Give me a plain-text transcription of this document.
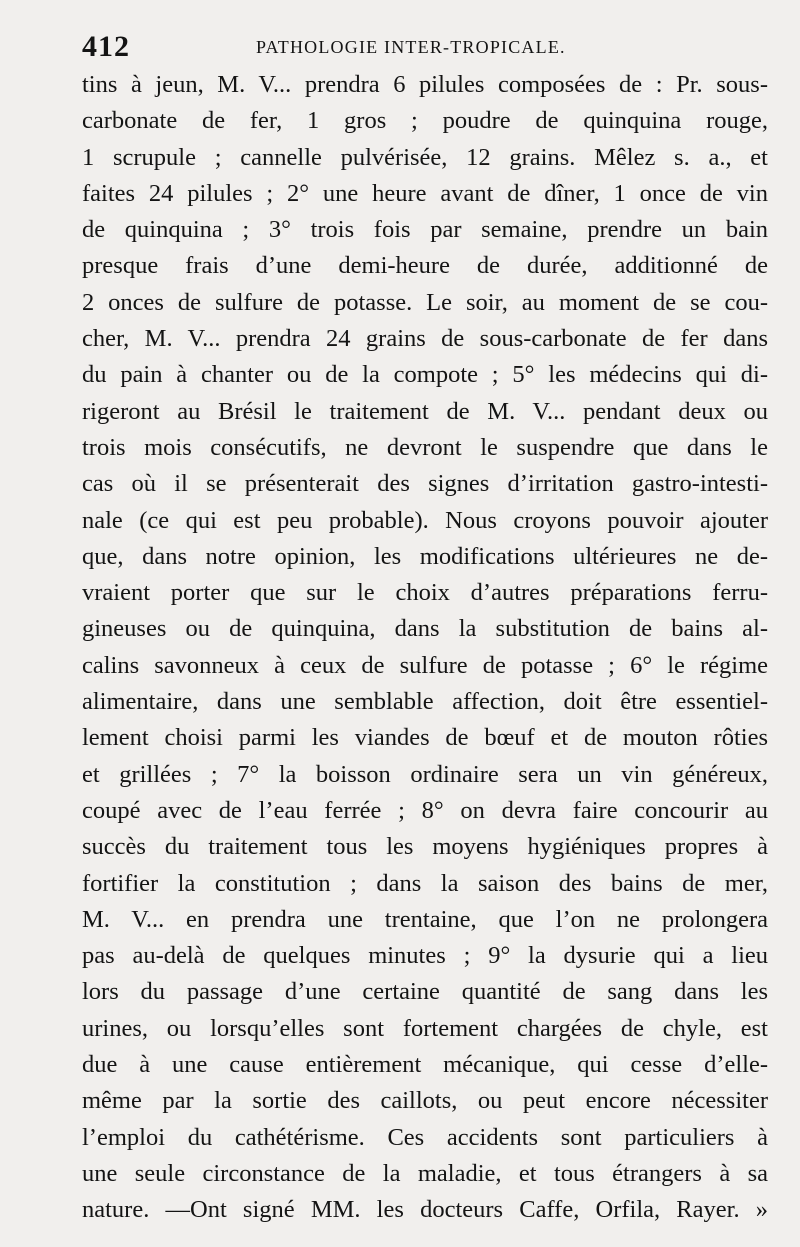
412	PATHOLOGIE INTER-TROPICALE.
tins à jeun, M. V... prendra 6 pilules composées de : Pr. sous-
carbonate de fer, 1 gros ; poudre de quinquina rouge,
1 scrupule ; cannelle pulvérisée, 12 grains. Mêlez s. a., et
faites 24 pilules ; 2° une heure avant de dîner, 1 once de vin
de quinquina ; 3° trois fois par semaine, prendre un bain
presque frais d’une demi-heure de durée, additionné de
2 onces de sulfure de potasse. Le soir, au moment de se cou-
cher, M. V... prendra 24 grains de sous-carbonate de fer dans
du pain à chanter ou de la compote ; 5° les médecins qui di-
rigeront au Brésil le traitement de M. V... pendant deux ou
trois mois consécutifs, ne devront le suspendre que dans le
cas où il se présenterait des signes d’irritation gastro-intesti-
nale (ce qui est peu probable). Nous croyons pouvoir ajouter
que, dans notre opinion, les modifications ultérieures ne de-
vraient porter que sur le choix d’autres préparations ferru-
gineuses ou de quinquina, dans la substitution de bains al-
calins savonneux à ceux de sulfure de potasse ; 6° le régime
alimentaire, dans une semblable affection, doit être essentiel-
lement choisi parmi les viandes de bœuf et de mouton rôties
et grillées ; 7° la boisson ordinaire sera un vin généreux,
coupé avec de l’eau ferrée ; 8° on devra faire concourir au
succès du traitement tous les moyens hygiéniques propres à
fortifier la constitution ; dans la saison des bains de mer,
M. V... en prendra une trentaine, que l’on ne prolongera
pas au-delà de quelques minutes ; 9° la dysurie qui a lieu
lors du passage d’une certaine quantité de sang dans les
urines, ou lorsqu’elles sont fortement chargées de chyle, est
due à une cause entièrement mécanique, qui cesse d’elle-
même par la sortie des caillots, ou peut encore nécessiter
l’emploi du cathétérisme. Ces accidents sont particuliers à
une seule circonstance de la maladie, et tous étrangers à sa
nature. —Ont signé MM. les docteurs Caffe, Orfila, Rayer. »
